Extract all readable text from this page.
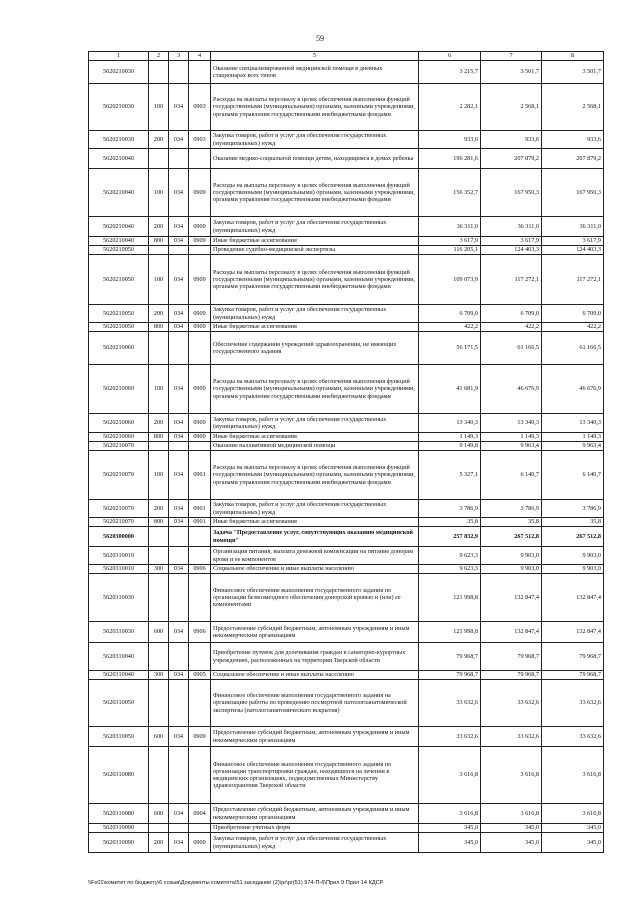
59
1	2	3	4	5	6	7	8
5620210030				Оказание специализированной медицинской помощи в дневных стационарах всех типов	3 215,7	3 501,7	3 501,7
5620210030	100	034	0903	Расходы на выплаты персоналу в целях обеспечения выполнения функций государственными (муниципальными) органами, казенными учреждениями, органами управления государственными внебюджетными фондами	2 282,1	2 568,1	2 568,1
5620210030	200	034	0903	Закупка товаров, работ и услуг для обеспечения государственных (муниципальных) нужд	933,6	933,6	933,6
5620210040				Оказание медико-социальной помощи детям, находящимся в домах ребенка	196 281,6	207 879,2	207 879,2
5620210040	100	034	0909	Расходы на выплаты персоналу в целях обеспечения выполнения функций государственными (муниципальными) органами, казенными учреждениями, органами управления государственными внебюджетными фондами	156 352,7	167 950,3	167 950,3
5620210040	200	034	0909	Закупка товаров, работ и услуг для обеспечения государственных (муниципальных) нужд	36 311,0	36 311,0	36 311,0
5620210040	800	034	0909	Иные бюджетные ассигнования	3 617,9	3 617,9	3 617,9
5620210050				Проведение судебно-медицинской экспертизы	116 205,1	124 403,3	124 403,3
5620210050	100	034	0909	Расходы на выплаты персоналу в целях обеспечения выполнения функций государственными (муниципальными) органами, казенными учреждениями, органами управления государственными внебюджетными фондами	109 073,9	117 272,1	117 272,1
5620210050	200	034	0909	Закупка товаров, работ и услуг для обеспечения государственных (муниципальных) нужд	6 709,0	6 709,0	6 709,0
5620210050	800	034	0909	Иные бюджетные ассигнования	422,2	422,2	422,2
5620210060				Обеспечение содержания учреждений здравоохранения, не имеющих государственного задания	56 171,5	61 166,5	61 166,5
5620210060	100	034	0909	Расходы на выплаты персоналу в целях обеспечения выполнения функций государственными (муниципальными) органами, казенными учреждениями, органами управления государственными внебюджетными фондами	41 681,9	46 676,9	46 676,9
5620210060	200	034	0909	Закупка товаров, работ и услуг для обеспечения государственных (муниципальных) нужд	13 340,3	13 340,3	13 340,3
5620210060	800	034	0909	Иные бюджетные ассигнования	1 149,3	1 149,3	1 149,3
5620210070				Оказание паллиативной медицинской помощи	9 149,8	9 963,4	9 963,4
5620210070	100	034	0901	Расходы на выплаты персоналу в целях обеспечения выполнения функций государственными (муниципальными) органами, казенными учреждениями, органами управления государственными внебюджетными фондами	5 327,1	6 140,7	6 140,7
5620210070	200	034	0901	Закупка товаров, работ и услуг для обеспечения государственных (муниципальных) нужд	3 786,9	3 786,9	3 786,9
5620210070	800	034	0901	Иные бюджетные ассигнования	35,8	35,8	35,8
5620300000				Задача "Предоставление услуг, сопутствующих оказанию медицинской помощи"	257 832,9	267 512,8	267 512,8
5620310010				Организация питания, выплата денежной компенсации на питание донорам крови и ее компонентов	9 623,3	9 903,0	9 903,0
5620310010	300	034	0906	Социальное обеспечение и иные выплаты населению	9 623,3	9 903,0	9 903,0
5620310030				Финансовое обеспечение выполнения государственного задания по организации безвозмездного обеспечения донорской кровью и (или) ее компонентами	121 998,8	132 847,4	132 847,4
5620310030	600	034	0906	Предоставление субсидий бюджетным, автономным учреждениям и иным некоммерческим организациям	121 998,8	132 847,4	132 847,4
5620310040				Приобретение путевок для долечивания граждан в санаторно-курортных учреждениях, расположенных на территории Тверской области	79 968,7	79 968,7	79 968,7
5620310040	300	034	0905	Социальное обеспечение и иные выплаты населению	79 968,7	79 968,7	79 968,7
5620310050				Финансовое обеспечение выполнения государственного задания на организацию работы по проведению посмертной патологоанатомической экспертизы (патологоанатомического вскрытия)	33 632,6	33 632,6	33 632,6
5620310050	600	034	0909	Предоставление субсидий бюджетным, автономным учреждениям и иным некоммерческим организациям	33 632,6	33 632,6	33 632,6
5620310080				Финансовое обеспечение выполнения государственного задания по организации транспортировки граждан, находящихся на лечении в медицинских организациях, подведомственных Министерству здравоохранения Тверской области	3 616,8	3 616,8	3 616,8
5620310080	600	034	0904	Предоставление субсидий бюджетным, автономным учреждениям и иным некоммерческим организациям	3 616,8	3 616,8	3 616,8
5620310090				Приобретение учетных форм	345,0	345,0	345,0
5620310090	200	034	0909	Закупка товаров, работ и услуг для обеспечения государственных (муниципальных) нужд	345,0	345,0	345,0
\\Fs01\комитет по бюджету\6 созыв\Документы комитета\51 заседание (2)\pr\pr(51) 974-П-6\Прил 9 Прил 14 КДСР
